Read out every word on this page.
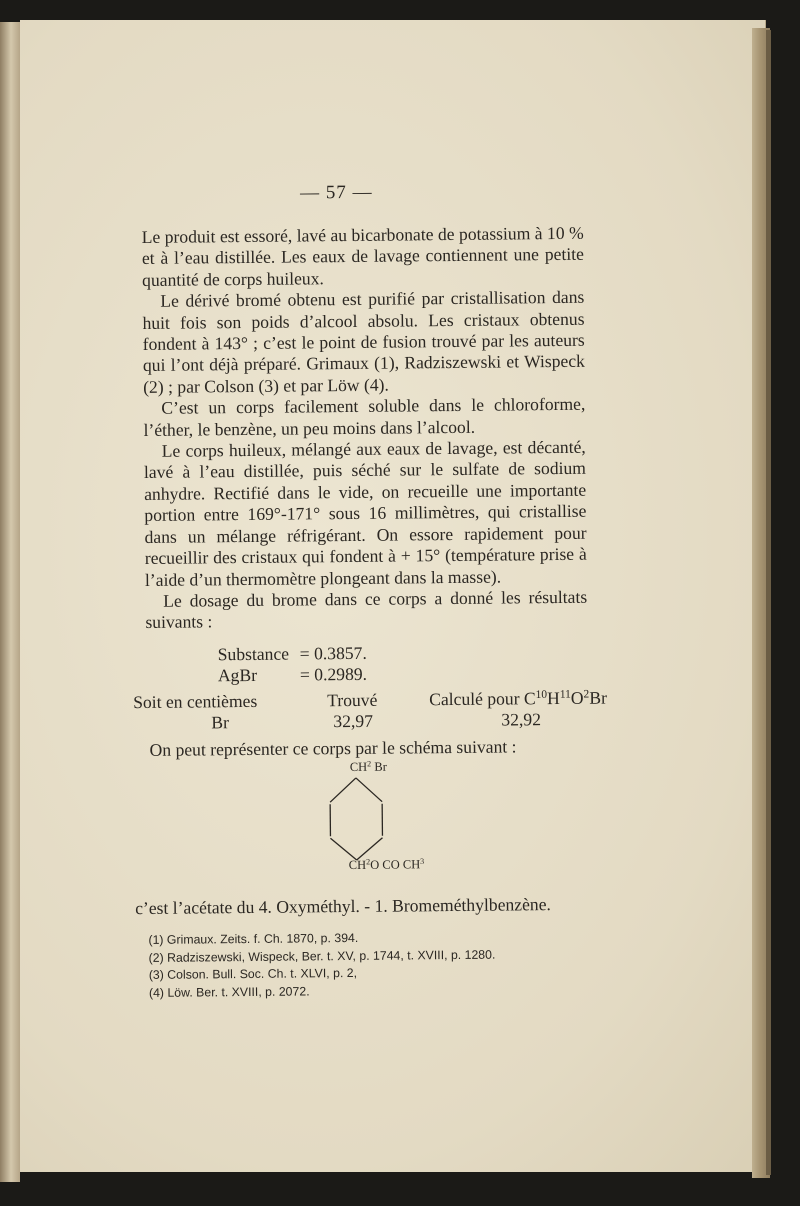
— 57 —

Le produit est essoré, lavé au bicarbonate de potassium à 10 % et à l’eau distillée. Les eaux de lavage contiennent une petite quantité de corps huileux.

Le dérivé bromé obtenu est purifié par cristallisation dans huit fois son poids d’alcool absolu. Les cristaux obtenus fondent à 143° ; c’est le point de fusion trouvé par les auteurs qui l’ont déjà préparé. Grimaux (1), Radziszewski et Wispeck (2) ; par Colson (3) et par Löw (4).

C’est un corps facilement soluble dans le chloroforme, l’éther, le benzène, un peu moins dans l’alcool.

Le corps huileux, mélangé aux eaux de lavage, est décanté, lavé à l’eau distillée, puis séché sur le sulfate de sodium anhydre. Rectifié dans le vide, on recueille une importante portion entre 169°-171° sous 16 millimètres, qui cristallise dans un mélange réfrigérant. On essore rapidement pour recueillir des cristaux qui fondent à + 15° (température prise à l’aide d’un thermomètre plongeant dans la masse).

Le dosage du brome dans ce corps a donné les résultats suivants :

Substance = 0.3857.
AgBr = 0.2989.
Soit en centièmes	Trouvé	Calculé pour $C^{10}H^{11}O^2Br$
Br	32,97	32,92
On peut représenter ce corps par le schéma suivant :
$CH^2$ Br
$CH^2O$ CO $CH^3$
c’est l’acétate du 4. Oxyméthyl. - 1. Bromeméthylbenzène.
(1) Grimaux. Zeits. f. Ch. 1870, p. 394.
(2) Radziszewski, Wispeck, Ber. t. XV, p. 1744, t. XVIII, p. 1280.
(3) Colson. Bull. Soc. Ch. t. XLVI, p. 2,
(4) Löw. Ber. t. XVIII, p. 2072.
